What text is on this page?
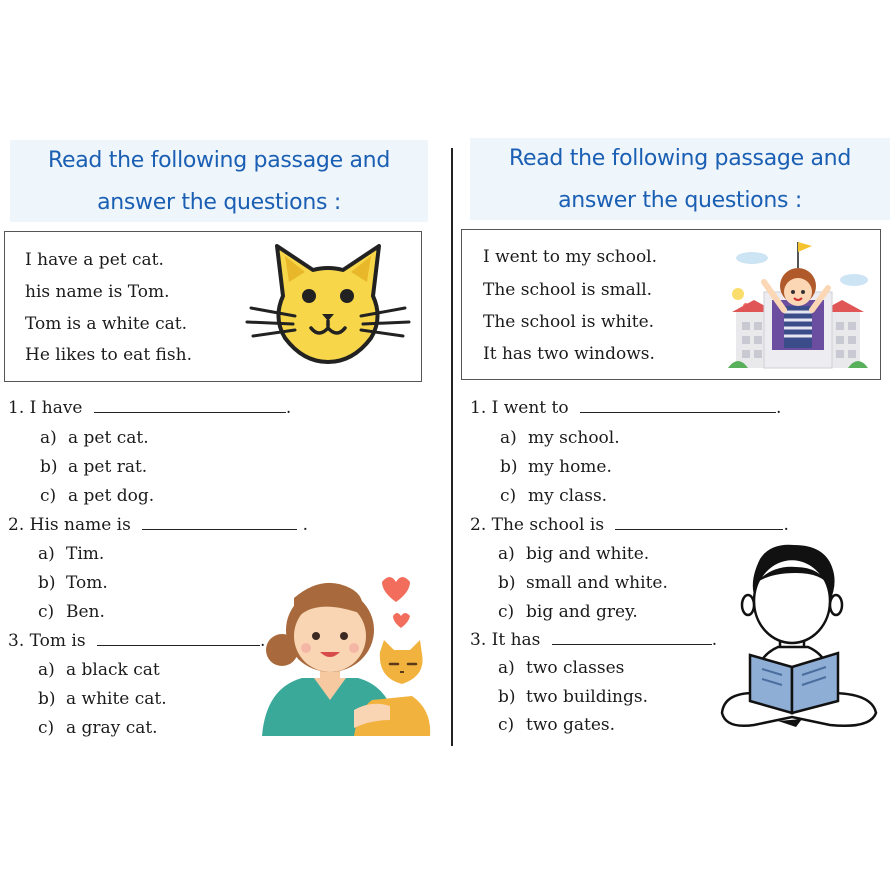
Read the following passage and
answer the questions :
I have a pet cat.
his name is Tom.
Tom is a white cat.
He likes to eat fish.
1. I have	.
a) a pet cat.
b) a pet rat.
c) a pet dog.
2. His name is	.
a) Tim.
b) Tom.
c) Ben.
3. Tom is	.
a) a black cat
b) a white cat.
c) a gray cat.
Read the following passage and
answer the questions :
I went to my school.
The school is small.
The school is white.
It has two windows.
1. I went to	.
a) my school.
b) my home.
c) my class.
2. The school is	.
a) big and white.
b) small and white.
c) big and grey.
3. It has	.
a) two classes
b) two buildings.
c) two gates.
